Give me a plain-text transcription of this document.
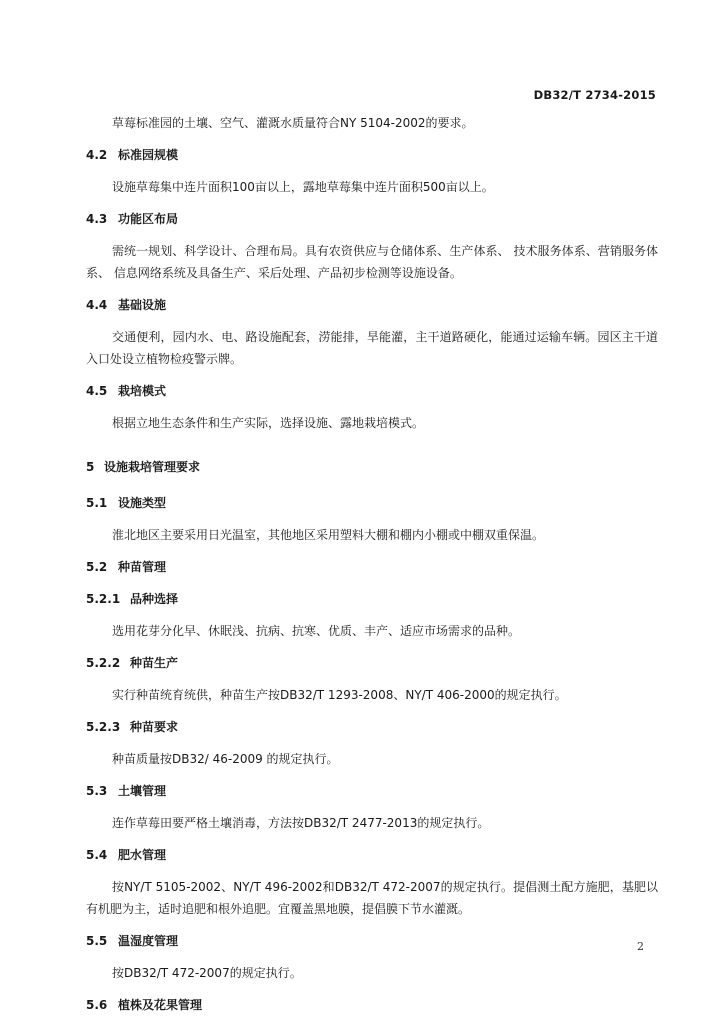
DB32/T 2734-2015

草莓标准园的土壤、空气、灌溉水质量符合NY 5104-2002的要求。

4.2 标准园规模

设施草莓集中连片面积100亩以上，露地草莓集中连片面积500亩以上。

4.3 功能区布局

需统一规划、科学设计、合理布局。具有农资供应与仓储体系、生产体系、 技术服务体系、营销服务体系、 信息网络系统及具备生产、采后处理、产品初步检测等设施设备。

4.4 基础设施

交通便利，园内水、电、路设施配套，涝能排，旱能灌，主干道路硬化，能通过运输车辆。园区主干道入口处设立植物检疫警示牌。

4.5 栽培模式

根据立地生态条件和生产实际，选择设施、露地栽培模式。

5 设施栽培管理要求

5.1 设施类型

淮北地区主要采用日光温室，其他地区采用塑料大棚和棚内小棚或中棚双重保温。

5.2 种苗管理

5.2.1 品种选择

选用花芽分化早、休眠浅、抗病、抗寒、优质、丰产、适应市场需求的品种。

5.2.2 种苗生产

实行种苗统育统供，种苗生产按DB32/T 1293-2008、NY/T 406-2000的规定执行。

5.2.3 种苗要求

种苗质量按DB32/ 46-2009 的规定执行。

5.3 土壤管理

连作草莓田要严格土壤消毒，方法按DB32/T 2477-2013的规定执行。

5.4 肥水管理

按NY/T 5105-2002、NY/T 496-2002和DB32/T 472-2007的规定执行。提倡测土配方施肥，基肥以有机肥为主，适时追肥和根外追肥。宜覆盖黑地膜，提倡膜下节水灌溉。

5.5 温湿度管理

按DB32/T 472-2007的规定执行。

5.6 植株及花果管理

2
